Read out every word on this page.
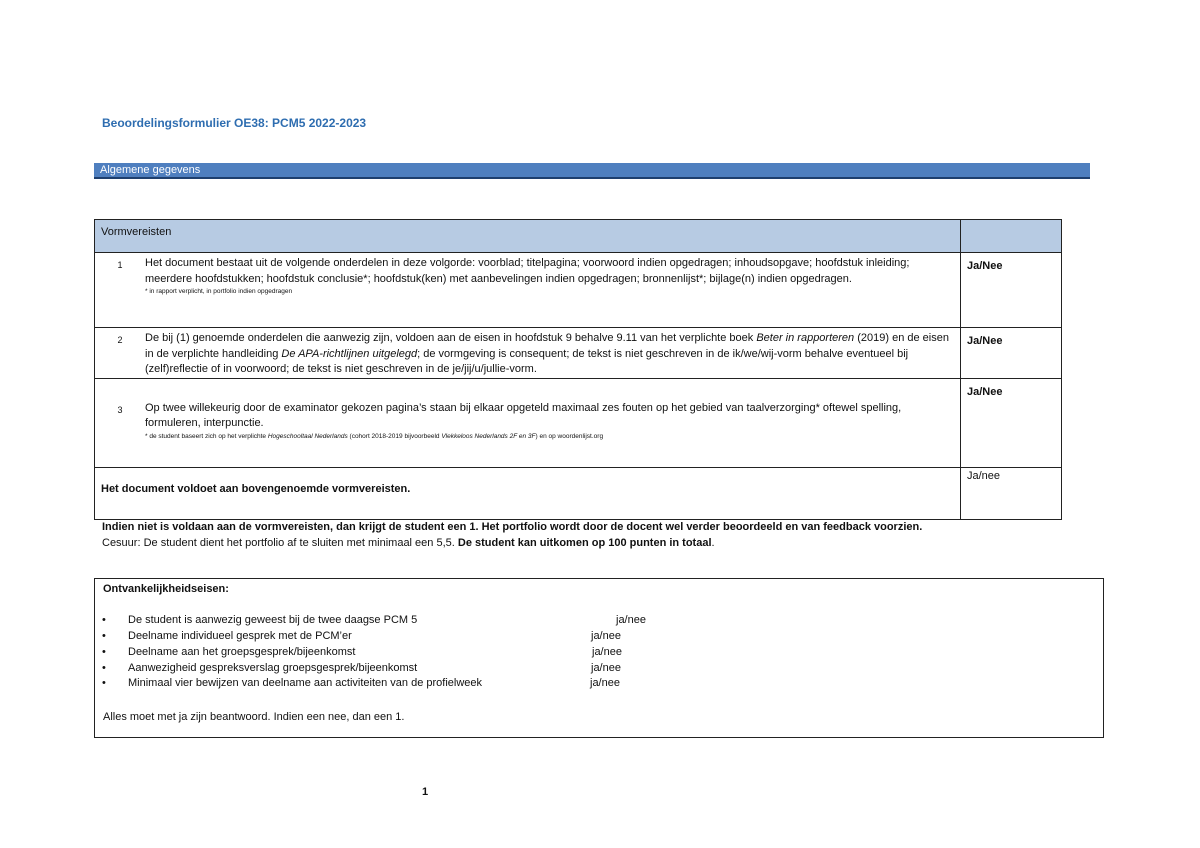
Beoordelingsformulier OE38: PCM5 2022-2023
Algemene gegevens
Vormvereisten	

1 Het document bestaat uit de volgende onderdelen in deze volgorde: voorblad; titelpagina; voorwoord indien opgedragen; inhoudsopgave; hoofdstuk inleiding; meerdere hoofdstukken; hoofdstuk conclusie*; hoofdstuk(ken) met aanbevelingen indien opgedragen; bronnenlijst*; bijlage(n) indien opgedragen.
* in rapport verplicht, in portfolio indien opgedragen	Ja/Nee

2 De bij (1) genoemde onderdelen die aanwezig zijn, voldoen aan de eisen in hoofdstuk 9 behalve 9.11 van het verplichte boek Beter in rapporteren (2019) en de eisen in de verplichte handleiding De APA-richtlijnen uitgelegd; de vormgeving is consequent; de tekst is niet geschreven in de ik/we/wij-vorm behalve eventueel bij (zelf)reflectie of in voorwoord; de tekst is niet geschreven in de je/jij/u/jullie-vorm.	Ja/Nee

3 Op twee willekeurig door de examinator gekozen pagina’s staan bij elkaar opgeteld maximaal zes fouten op het gebied van taalverzorging* oftewel spelling, formuleren, interpunctie.
* de student baseert zich op het verplichte Hogeschooltaal Nederlands (cohort 2018-2019 bijvoorbeeld Vlekkeloos Nederlands 2F en 3F) en op woordenlijst.org	Ja/Nee

Het document voldoet aan bovengenoemde vormvereisten.	Ja/nee
Indien niet is voldaan aan de vormvereisten, dan krijgt de student een 1. Het portfolio wordt door de docent wel verder beoordeeld en van feedback voorzien.
Cesuur: De student dient het portfolio af te sluiten met minimaal een 5,5. De student kan uitkomen op 100 punten in totaal.
Ontvankelijkheidseisen:
• De student is aanwezig geweest bij de twee daagse PCM 5	ja/nee
• Deelname individueel gesprek met de PCM’er	ja/nee
• Deelname aan het groepsgesprek/bijeenkomst	ja/nee
• Aanwezigheid gespreksverslag groepsgesprek/bijeenkomst	ja/nee
• Minimaal vier bewijzen van deelname aan activiteiten van de profielweek	ja/nee
Alles moet met ja zijn beantwoord. Indien een nee, dan een 1.
1
